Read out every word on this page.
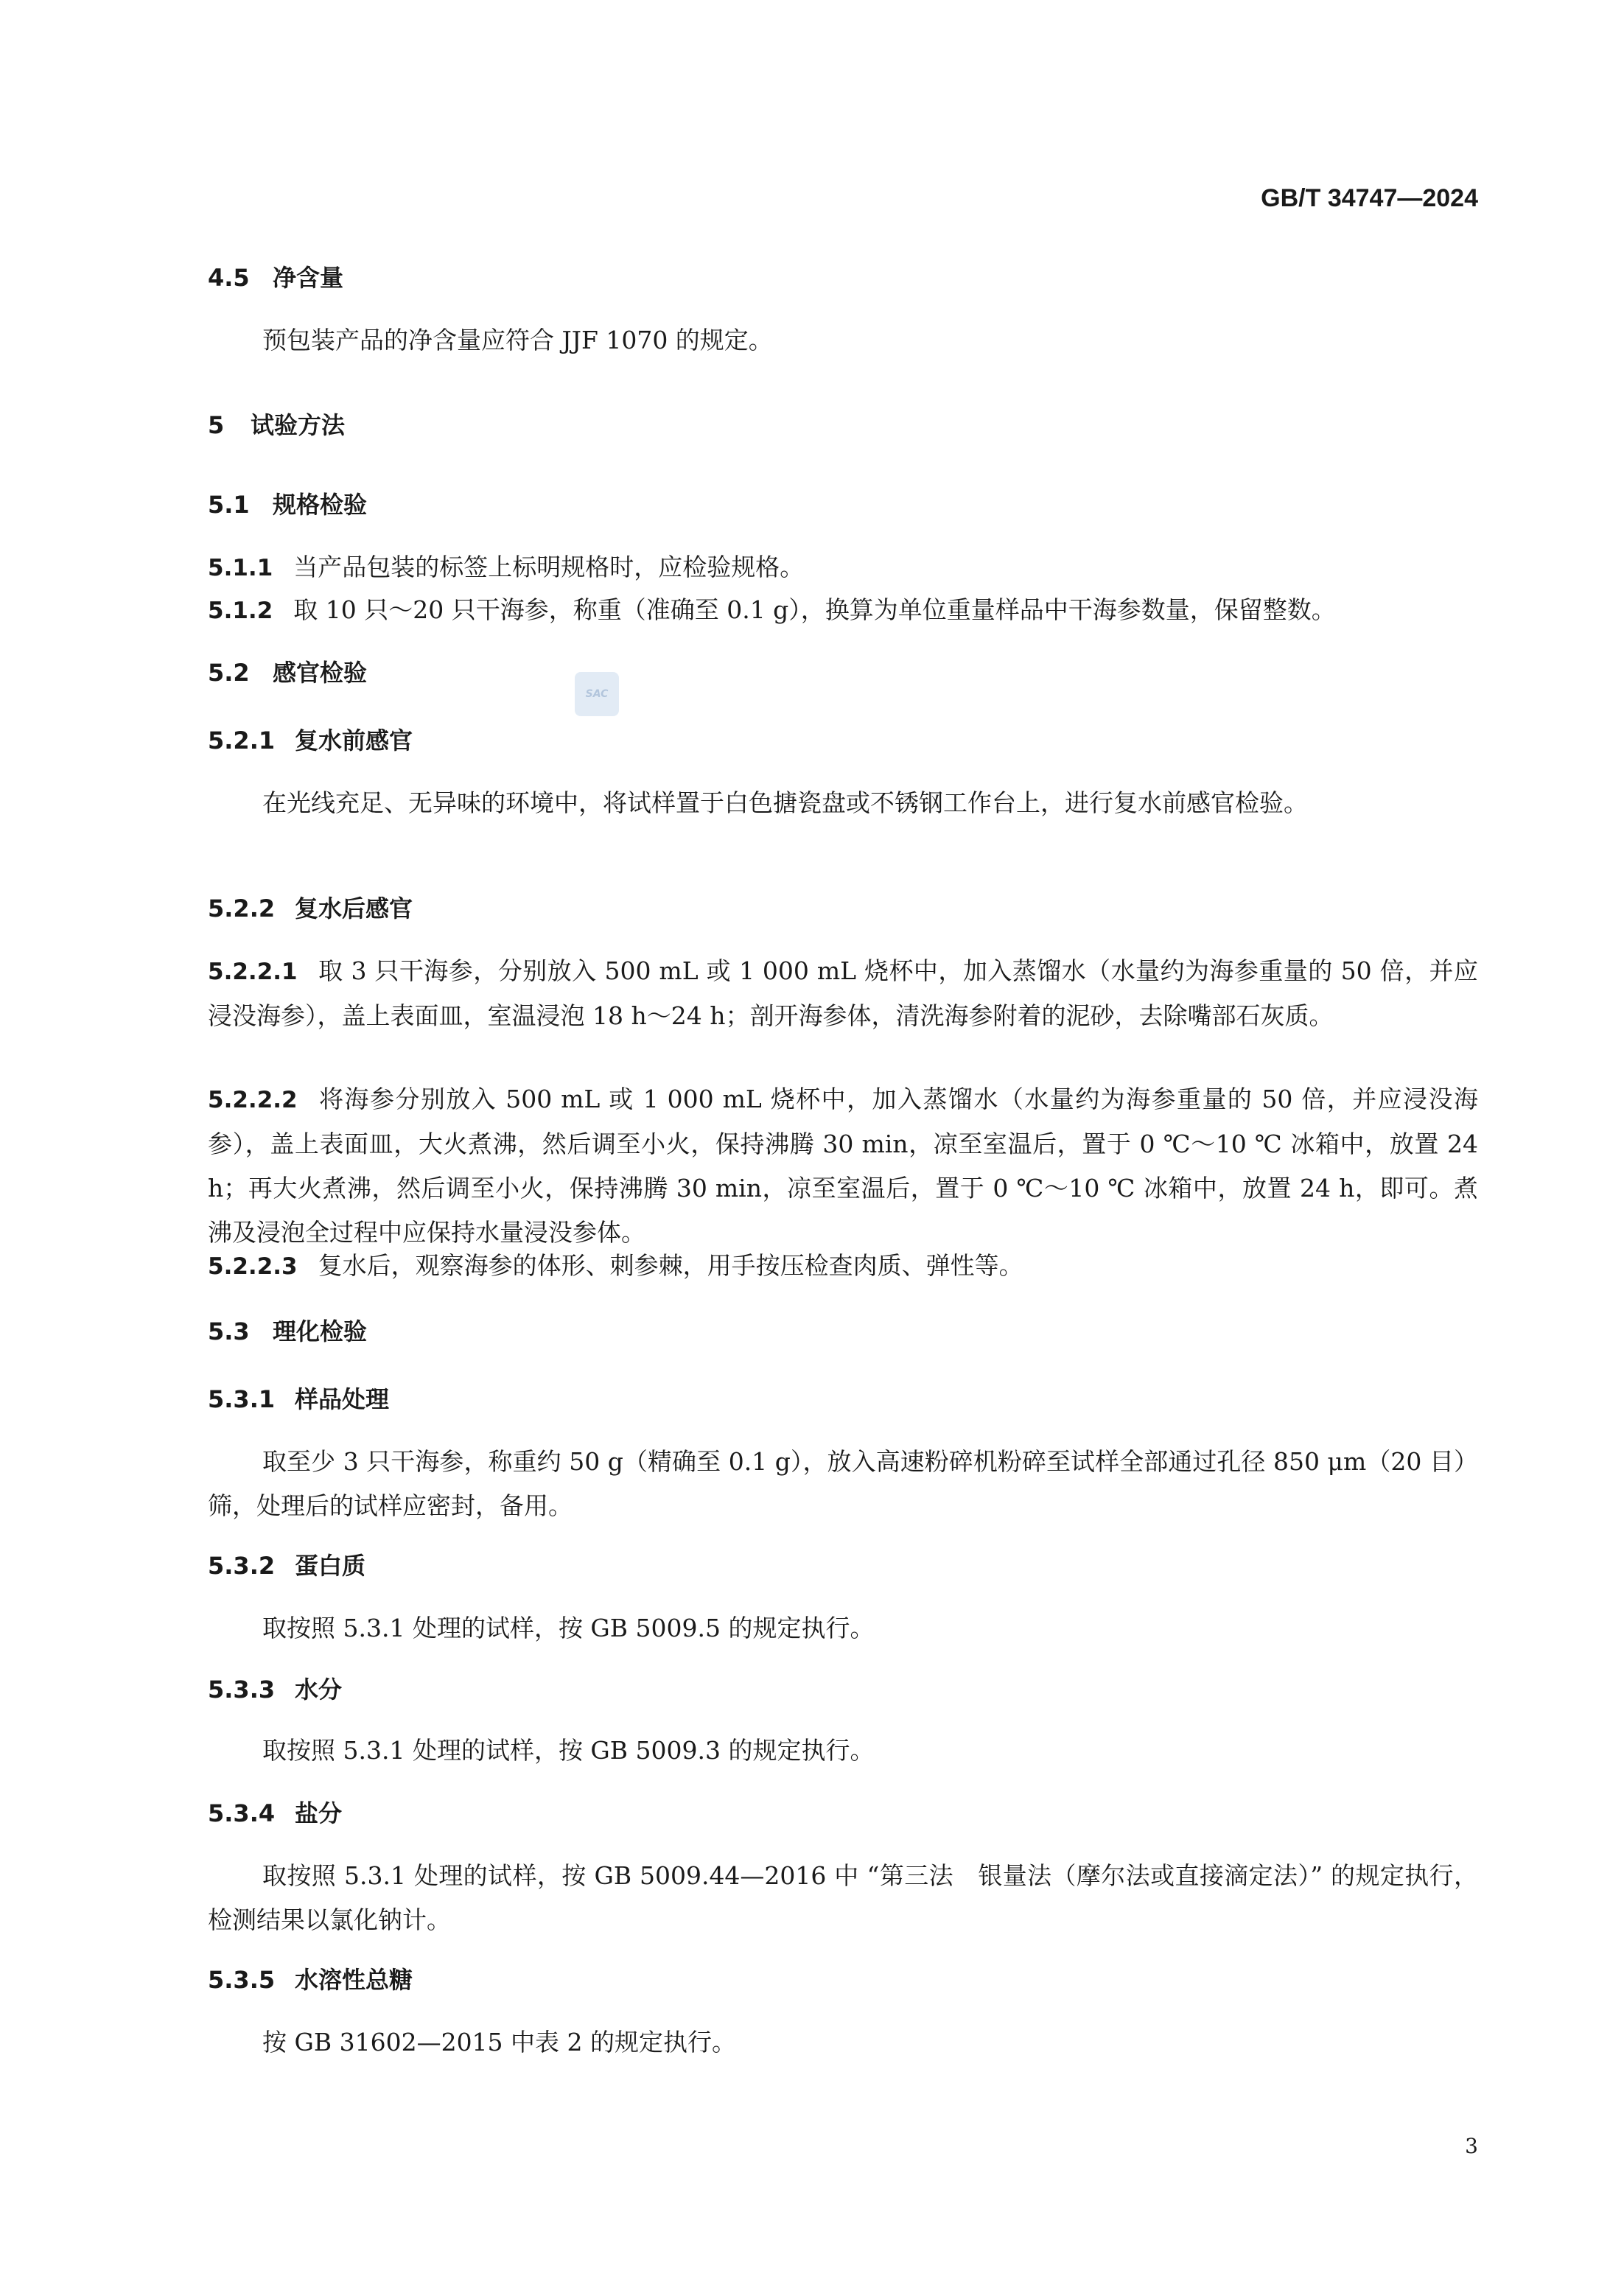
GB/T 34747—2024
4.5 净含量
预包装产品的净含量应符合 JJF 1070 的规定。
5 试验方法
5.1 规格检验
5.1.1 当产品包装的标签上标明规格时，应检验规格。
5.1.2 取 10 只～20 只干海参，称重（准确至 0.1 g），换算为单位重量样品中干海参数量，保留整数。
5.2 感官检验
SAC
5.2.1 复水前感官
在光线充足、无异味的环境中，将试样置于白色搪瓷盘或不锈钢工作台上，进行复水前感官检验。
5.2.2 复水后感官
5.2.2.1 取 3 只干海参，分别放入 500 mL 或 1 000 mL 烧杯中，加入蒸馏水（水量约为海参重量的 50 倍，并应浸没海参），盖上表面皿，室温浸泡 18 h～24 h；剖开海参体，清洗海参附着的泥砂，去除嘴部石灰质。
5.2.2.2 将海参分别放入 500 mL 或 1 000 mL 烧杯中，加入蒸馏水（水量约为海参重量的 50 倍，并应浸没海参），盖上表面皿，大火煮沸，然后调至小火，保持沸腾 30 min，凉至室温后，置于 0 ℃～10 ℃ 冰箱中，放置 24 h；再大火煮沸，然后调至小火，保持沸腾 30 min，凉至室温后，置于 0 ℃～10 ℃ 冰箱中，放置 24 h，即可。煮沸及浸泡全过程中应保持水量浸没参体。
5.2.2.3 复水后，观察海参的体形、刺参棘，用手按压检查肉质、弹性等。
5.3 理化检验
5.3.1 样品处理
取至少 3 只干海参，称重约 50 g（精确至 0.1 g），放入高速粉碎机粉碎至试样全部通过孔径 850 μm（20 目）筛，处理后的试样应密封，备用。
5.3.2 蛋白质
取按照 5.3.1 处理的试样，按 GB 5009.5 的规定执行。
5.3.3 水分
取按照 5.3.1 处理的试样，按 GB 5009.3 的规定执行。
5.3.4 盐分
取按照 5.3.1 处理的试样，按 GB 5009.44—2016 中 “第三法　银量法（摩尔法或直接滴定法）” 的规定执行，检测结果以氯化钠计。
5.3.5 水溶性总糖
按 GB 31602—2015 中表 2 的规定执行。
3
